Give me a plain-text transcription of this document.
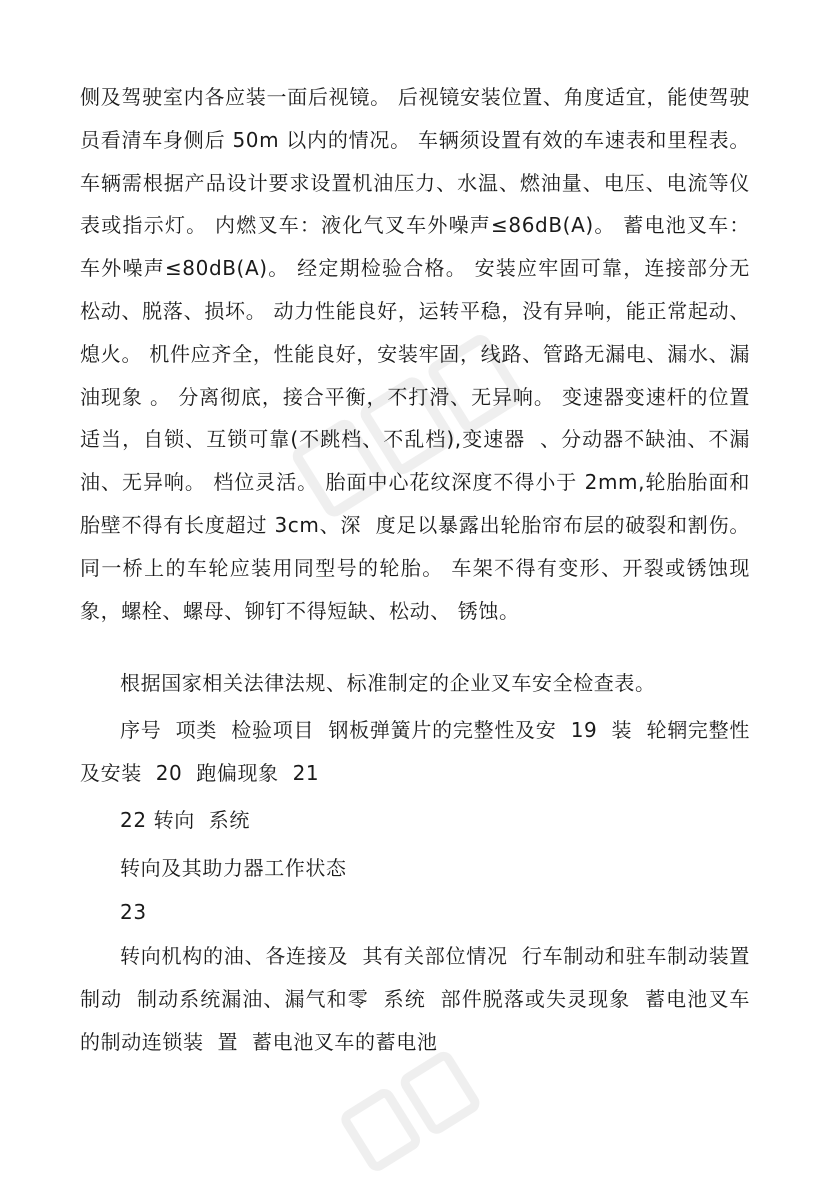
侧及驾驶室内各应装一面后视镜。 后视镜安装位置、角度适宜，能使驾驶员看清车身侧后 50m 以内的情况。 车辆须设置有效的车速表和里程表。 车辆需根据产品设计要求设置机油压力、水温、燃油量、电压、电流等仪  表或指示灯。 内燃叉车：液化气叉车外噪声≤86dB(A)。 蓄电池叉车：车外噪声≤80dB(A)。 经定期检验合格。 安装应牢固可靠，连接部分无松动、脱落、损坏。 动力性能良好，运转平稳，没有异响，能正常起动、熄火。 机件应齐全，性能良好，安装牢固，线路、管路无漏电、漏水、漏油现象 。 分离彻底，接合平衡，不打滑、无异响。 变速器变速杆的位置适当，自锁、互锁可靠(不跳档、不乱档),变速器  、分动器不缺油、不漏油、无异响。 档位灵活。 胎面中心花纹深度不得小于 2mm,轮胎胎面和胎壁不得有长度超过 3cm、深  度足以暴露出轮胎帘布层的破裂和割伤。 同一桥上的车轮应装用同型号的轮胎。 车架不得有变形、开裂或锈蚀现象，螺栓、螺母、铆钉不得短缺、松动、 锈蚀。

根据国家相关法律法规、标准制定的企业叉车安全检查表。

序号  项类  检验项目  钢板弹簧片的完整性及安  19  装  轮辋完整性及安装  20  跑偏现象  21

22 转向  系统

转向及其助力器工作状态

23

转向机构的油、各连接及  其有关部位情况  行车制动和驻车制动装置  制动  制动系统漏油、漏气和零  系统  部件脱落或失灵现象  蓄电池叉车的制动连锁装  置  蓄电池叉车的蓄电池
